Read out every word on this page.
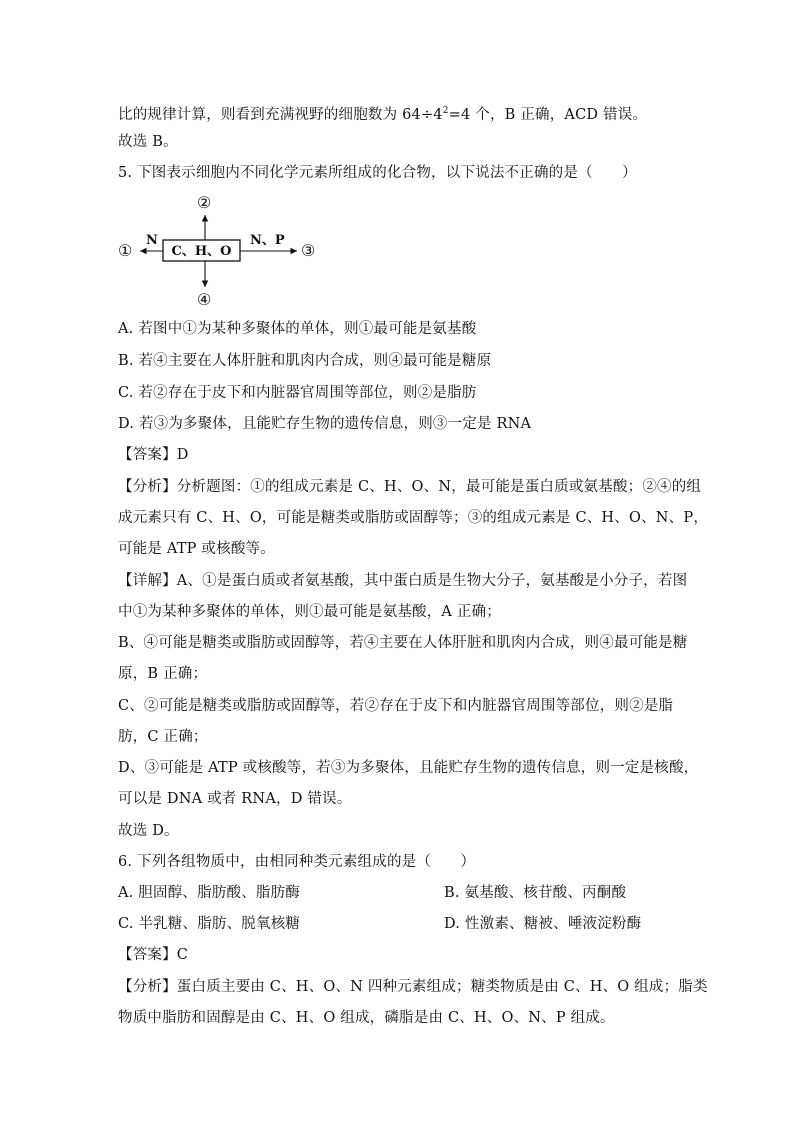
比的规律计算，则看到充满视野的细胞数为 $64\div 4^2=4$ 个，B 正确，ACD 错误。
故选 B。
5. 下图表示细胞内不同化学元素所组成的化合物，以下说法不正确的是（　　）
C、H、O
N	N、P
①
②
③
④
A. 若图中①为某种多聚体的单体，则①最可能是氨基酸
B. 若④主要在人体肝脏和肌肉内合成，则④最可能是糖原
C. 若②存在于皮下和内脏器官周围等部位，则②是脂肪
D. 若③为多聚体，且能贮存生物的遗传信息，则③一定是 RNA
【答案】D
【分析】分析题图：①的组成元素是 C、H、O、N，最可能是蛋白质或氨基酸；②④的组
成元素只有 C、H、O，可能是糖类或脂肪或固醇等；③的组成元素是 C、H、O、N、P，
可能是 ATP 或核酸等。
【详解】A、①是蛋白质或者氨基酸，其中蛋白质是生物大分子，氨基酸是小分子，若图
中①为某种多聚体的单体，则①最可能是氨基酸，A 正确；
B、④可能是糖类或脂肪或固醇等，若④主要在人体肝脏和肌肉内合成，则④最可能是糖
原，B 正确；
C、②可能是糖类或脂肪或固醇等，若②存在于皮下和内脏器官周围等部位，则②是脂
肪，C 正确；
D、③可能是 ATP 或核酸等，若③为多聚体，且能贮存生物的遗传信息，则一定是核酸，
可以是 DNA 或者 RNA，D 错误。
故选 D。
6. 下列各组物质中，由相同种类元素组成的是（　　）
A. 胆固醇、脂肪酸、脂肪酶	B. 氨基酸、核苷酸、丙酮酸
C. 半乳糖、脂肪、脱氧核糖	D. 性激素、糖被、唾液淀粉酶
【答案】C
【分析】蛋白质主要由 C、H、O、N 四种元素组成；糖类物质是由 C、H、O 组成；脂类
物质中脂肪和固醇是由 C、H、O 组成，磷脂是由 C、H、O、N、P 组成。
